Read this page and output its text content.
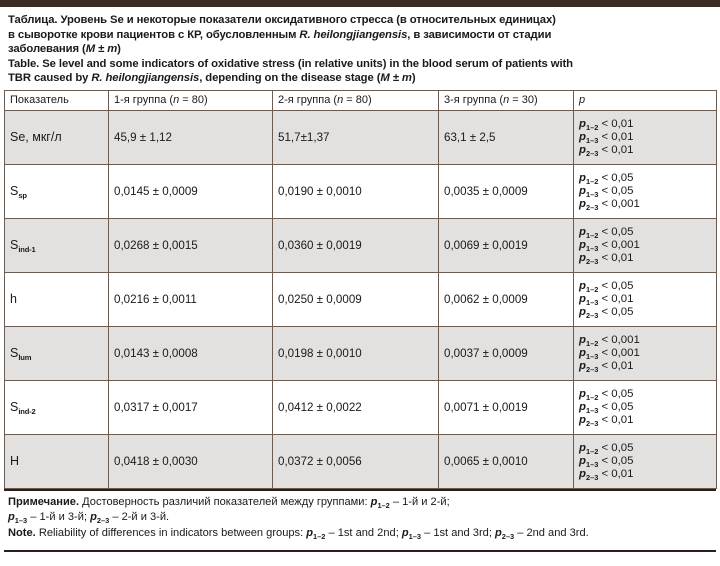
Таблица. Уровень Se и некоторые показатели оксидативного стресса (в относительных единицах)
в сыворотке крови пациентов с КР, обусловленным R. heilongjiangensis, в зависимости от стадии
заболевания (M ± m)
Table. Se level and some indicators of oxidative stress (in relative units) in the blood serum of patients with
TBR caused by R. heilongjiangensis, depending on the disease stage (M ± m)
Показатель	1-я группа (n = 80)	2-я группа (n = 80)	3-я группа (n = 30)	p
Se, мкг/л	45,9 ± 1,12	51,7±1,37	63,1 ± 2,5	$p_{1-2} < 0,01$
$p_{1-3} < 0,01$
$p_{2-3} < 0,01$

$S_{sp}$	0,0145 ± 0,0009	0,0190 ± 0,0010	0,0035 ± 0,0009	$p_{1-2} < 0,05$
$p_{1-3} < 0,05$
$p_{2-3} < 0,001$

$S_{ind-1}$	0,0268 ± 0,0015	0,0360 ± 0,0019	0,0069 ± 0,0019	$p_{1-2} < 0,05$
$p_{1-3} < 0,001$
$p_{2-3} < 0,01$

h	0,0216 ± 0,0011	0,0250 ± 0,0009	0,0062 ± 0,0009	$p_{1-2} < 0,05$
$p_{1-3} < 0,01$
$p_{2-3} < 0,05$

$S_{lum}$	0,0143 ± 0,0008	0,0198 ± 0,0010	0,0037 ± 0,0009	$p_{1-2} < 0,001$
$p_{1-3} < 0,001$
$p_{2-3} < 0,01$

$S_{ind-2}$	0,0317 ± 0,0017	0,0412 ± 0,0022	0,0071 ± 0,0019	$p_{1-2} < 0,05$
$p_{1-3} < 0,05$
$p_{2-3} < 0,01$

H	0,0418 ± 0,0030	0,0372 ± 0,0056	0,0065 ± 0,0010	$p_{1-2} < 0,05$
$p_{1-3} < 0,05$
$p_{2-3} < 0,01$
Примечание. Достоверность различий показателей между группами: $p_{1-2} - 1-й$ и 2-й;
$p_{1-3} - 1-й$ и 3-й; $p_{2-3} - 2-й$ и 3-й.
Note. Reliability of differences in indicators between groups: $p_{1-2} - 1st$ and 2nd; $p_{1-3} - 1st$ and 3rd; $p_{2-3} - 2nd$ and 3rd.
